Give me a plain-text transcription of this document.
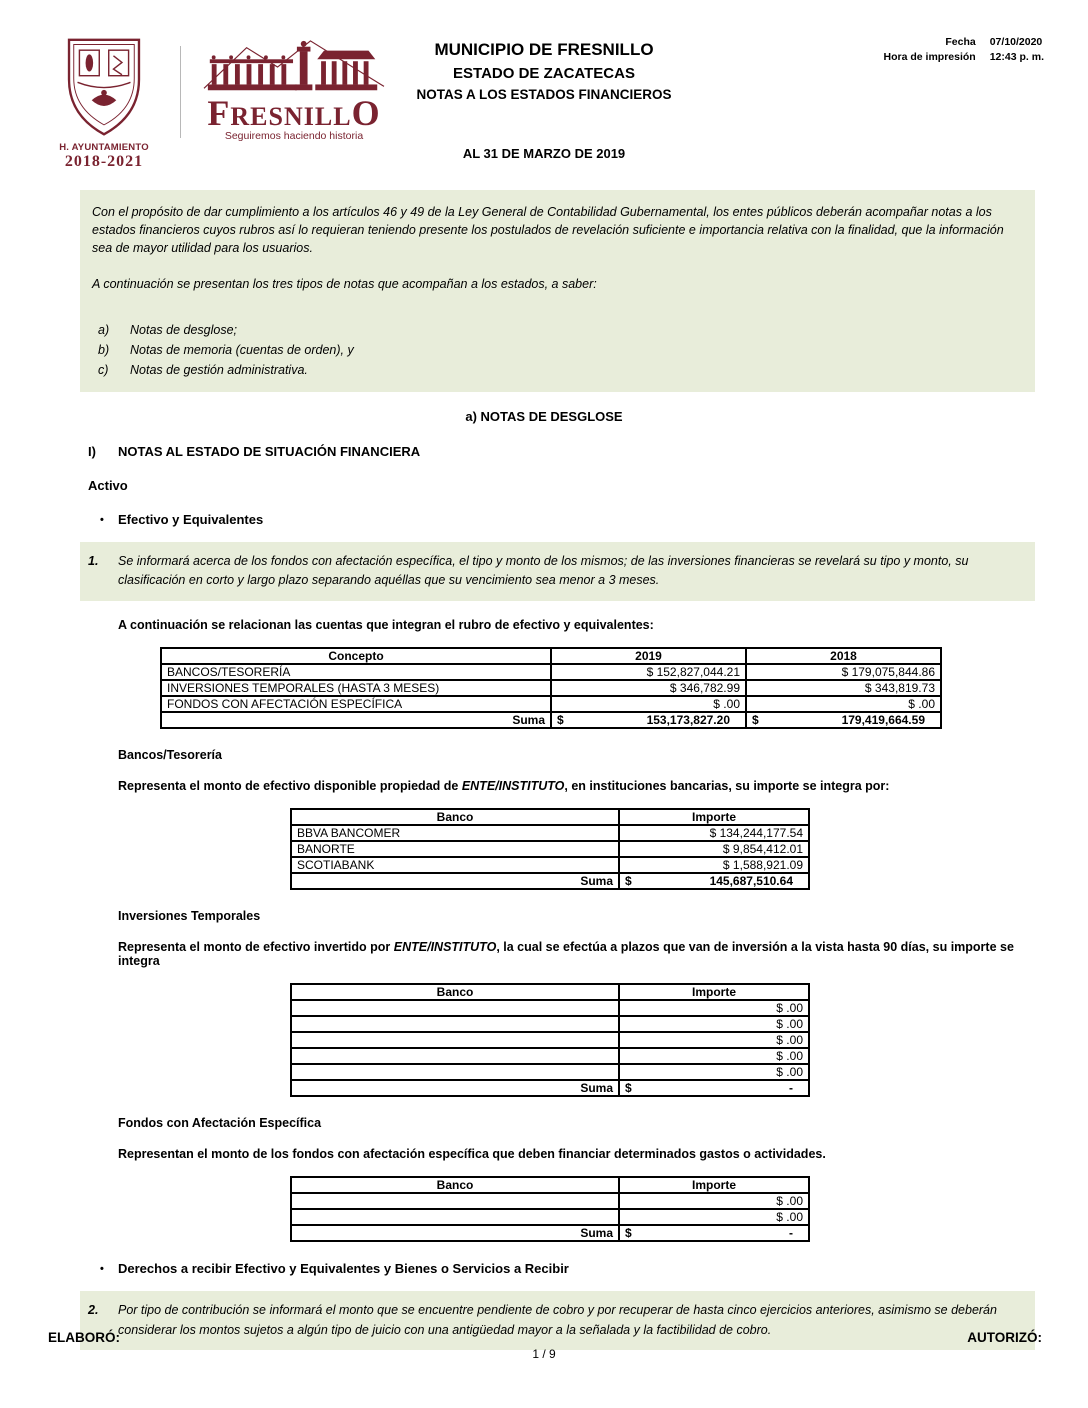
H. AYUNTAMIENTO
2018-2021
FRESNILLO
Seguiremos haciendo historia
MUNICIPIO DE FRESNILLO
ESTADO DE ZACATECAS
NOTAS A LOS ESTADOS FINANCIEROS
Fecha 07/10/2020
Hora de impresión 12:43 p. m.
AL 31 DE MARZO DE 2019

Con el propósito de dar cumplimiento a los artículos 46 y 49 de la Ley General de Contabilidad Gubernamental, los entes públicos deberán acompañar notas a los estados financieros cuyos rubros así lo requieran teniendo presente los postulados de revelación suficiente e importancia relativa con la finalidad, que la información sea de mayor utilidad para los usuarios.

A continuación se presentan los tres tipos de notas que acompañan a los estados, a saber:

a)	Notas de desglose;
b)	Notas de memoria (cuentas de orden), y
c)	Notas de gestión administrativa.
a) NOTAS DE DESGLOSE
I)	NOTAS AL ESTADO DE SITUACIÓN FINANCIERA
Activo
•	Efectivo y Equivalentes
1.	Se informará acerca de los fondos con afectación específica, el tipo y monto de los mismos; de las inversiones financieras se revelará su tipo y monto, su clasificación en corto y largo plazo separando aquéllas que su vencimiento sea menor a 3 meses.
A continuación se relacionan las cuentas que integran el rubro de efectivo y equivalentes:
Concepto	2019	2018
BANCOS/TESORERÍA	$ 152,827,044.21	$ 179,075,844.86
INVERSIONES TEMPORALES (HASTA 3 MESES)	$ 346,782.99	$ 343,819.73
FONDOS CON AFECTACIÓN ESPECÍFICA	$ .00	$ .00
Suma	$ 153,173,827.20	$ 179,419,664.59
Bancos/Tesorería
Representa el monto de efectivo disponible propiedad de ENTE/INSTITUTO, en instituciones bancarias, su importe se integra por:
Banco	Importe
BBVA BANCOMER	$ 134,244,177.54
BANORTE	$ 9,854,412.01
SCOTIABANK	$ 1,588,921.09
Suma	$ 145,687,510.64
Inversiones Temporales
Representa el monto de efectivo invertido por ENTE/INSTITUTO, la cual se efectúa a plazos que van de inversión a la vista hasta 90 días, su importe se integra
Banco	Importe
	$ .00
	$ .00
	$ .00
	$ .00
	$ .00
Suma	$ -
Fondos con Afectación Específica
Representan el monto de los fondos con afectación específica que deben financiar determinados gastos o actividades.
Banco	Importe
	$ .00
	$ .00
Suma	$ -
•	Derechos a recibir Efectivo y Equivalentes y Bienes o Servicios a Recibir
2.	Por tipo de contribución se informará el monto que se encuentre pendiente de cobro y por recuperar de hasta cinco ejercicios anteriores, asimismo se deberán considerar los montos sujetos a algún tipo de juicio con una antigüedad mayor a la señalada y la factibilidad de cobro.
ELABORÓ:	AUTORIZÓ:
1 / 9
